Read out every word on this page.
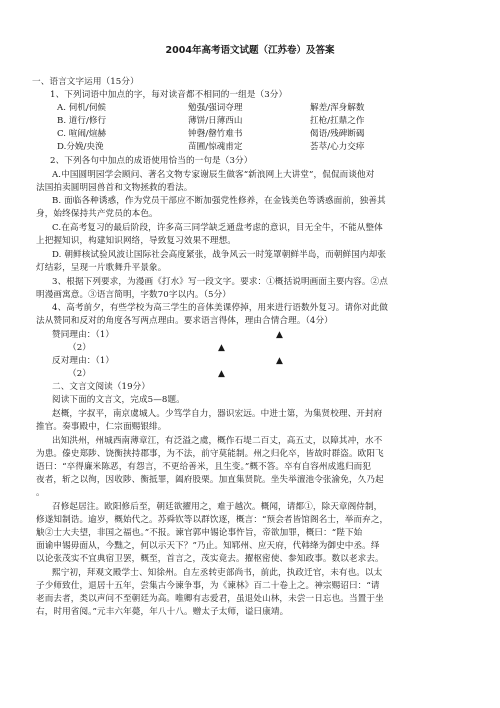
2004年高考语文试题（江苏卷）及答案
一、语言文字运用（15分）
1、下列词语中加点的字，每对读音都不相同的一组是（3分）
A. 伺机/伺候	勉强/强词夺理	解差/浑身解数
B. 道行/修行	薄饼/日薄西山	扛枪/扛鼎之作
C. 喧闹/煊赫	钟磬/罄竹难书	偈语/残碑断碣
D.分娩/央浼	苗圃/惊魂甫定	荟萃/心力交瘁
2、下列各句中加点的成语使用恰当的一句是（3分）
A.中国圆明园学会顾问、著名文物专家谢辰生做客“新浪网上大讲堂”，侃侃而谈他对
法国拍卖圆明园兽首和文物拯救的看法。
B. 面临各种诱惑，作为党员干部应不断加强党性修养，在金钱美色等诱惑面前，独善其
身，始终保持共产党员的本色。
C.在高考复习的最后阶段，许多高三同学缺乏通盘考虑的意识，目无全牛，不能从整体
上把握知识，构建知识网络，导致复习效果不理想。
D. 朝鲜核试验风波让国际社会高度紧张，战争风云一时笼罩朝鲜半岛，而朝鲜国内却张
灯结彩，呈现一片歌舞升平景象。
3、根据下列要求，为漫画《打水》写一段文字。要求：①概括说明画面主要内容。②点
明漫画寓意。③语言简明，字数70字以内。（5分）
4、高考前夕，有些学校为高三学生的音体美课停掉，用来进行语数外复习。请你对此做
法从赞同和反对的角度各写两点理由。要求语言得体，理由合情合理。（4分）
赞同理由：（1）	▲
（2）	▲
反对理由：（1）	▲
（2）	▲
二、文言文阅读（19分）
阅读下面的文言文，完成5—8题。
赵概，字叔平，南京虞城人。少笃学自力，器识宏远。中进士第，为集贤校理、开封府
推官。奏事殿中，仁宗面赐银绯。
出知洪州，州城西南薄章江，有泛溢之虞，概作石堤二百丈，高五丈，以障其冲，水不
为患。傣史郑陟、饶衡挟持郡事，为不法，前守莫能制。州之归化卒，皆故时群盗。欧阳飞
语曰：“卒得廉米陈恶，有怨言，不更给善米，且生变。”概不答。卒有自容州成逃归而犯
夜者，斩之以徇，因收陟、衡抵罪，阖府股栗。加直集贤院。坐失举澶池令张渝免，久乃起
。
召修起居注。欧阳修后至，朝廷欲擢用之，难于越次。概闻，请都①，除天章阁侍制，
修遂知制诰。逾岁，概始代之。苏舜钦等以群饮逐，概言：“预会者皆馆阁名士，举而弃之，
觖②士大夫望，非国之福也。”不报。谏官郭申锡论事忤旨，帝欲加罪，概曰：“陛下始
面谕申锡毋面从，今黜之，何以示天下？”乃止。知郓州、应天府，代韩绛为御史中丞。绎
以论张茂实不宜典宿卫罢，概至，首言之，茂实竟去。擢枢密使、参知政事。数以老求去。
熙宁初，拜观文殿学士、知徐州。自左丞转吏部尚书，前此，执政迁官，未有也。以太
子少师致仕，退居十五年，尝集古今谏争事，为《谏林》百二十卷上之。神宗赐诏曰：“请
老而去者，类以声问不至朝廷为高。唯卿有志爱君，虽退处山林，未尝一日忘也。当置于坐
右，时用省阅。”元丰六年薨，年八十八。赠太子太师，谥曰康靖。
